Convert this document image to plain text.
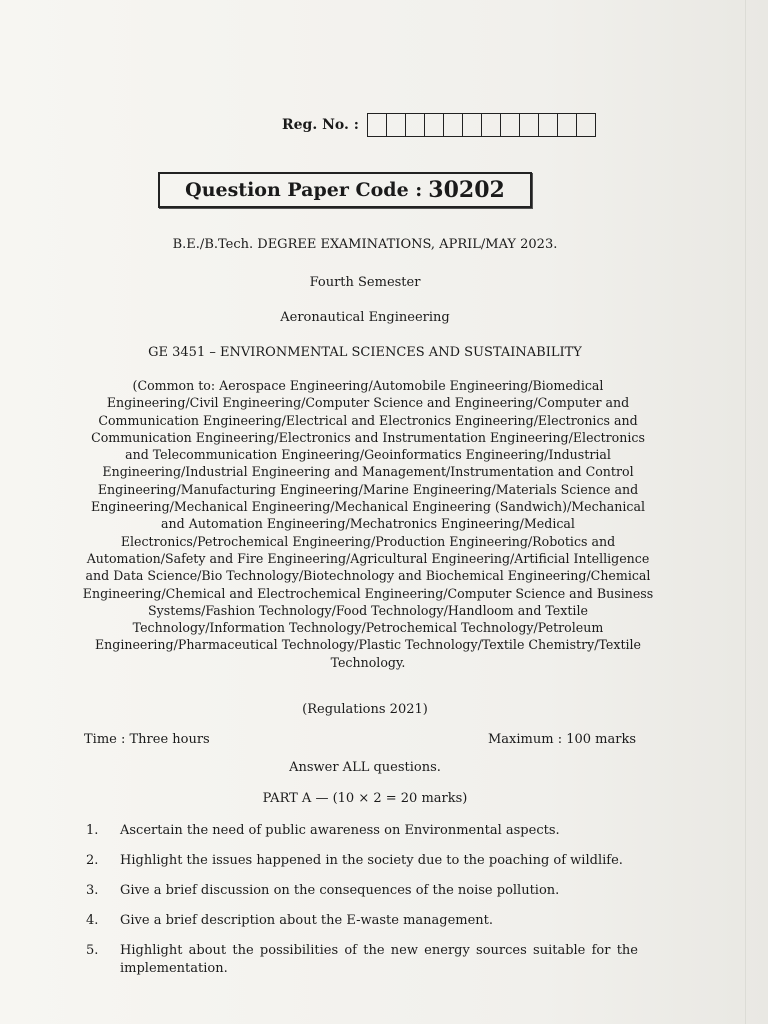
Reg. No. :
Question Paper Code : 30202
B.E./B.Tech. DEGREE EXAMINATIONS, APRIL/MAY 2023.
Fourth Semester
Aeronautical Engineering
GE 3451 – ENVIRONMENTAL SCIENCES AND SUSTAINABILITY
(Common to: Aerospace Engineering/Automobile Engineering/Biomedical Engineering/Civil Engineering/Computer Science and Engineering/Computer and Communication Engineering/Electrical and Electronics Engineering/Electronics and Communication Engineering/Electronics and Instrumentation Engineering/Electronics and Telecommunication Engineering/Geoinformatics Engineering/Industrial Engineering/Industrial Engineering and Management/Instrumentation and Control Engineering/Manufacturing Engineering/Marine Engineering/Materials Science and Engineering/Mechanical Engineering/Mechanical Engineering (Sandwich)/Mechanical and Automation Engineering/Mechatronics Engineering/Medical Electronics/Petrochemical Engineering/Production Engineering/Robotics and Automation/Safety and Fire Engineering/Agricultural Engineering/Artificial Intelligence and Data Science/Bio Technology/Biotechnology and Biochemical Engineering/Chemical Engineering/Chemical and Electrochemical Engineering/Computer Science and Business Systems/Fashion Technology/Food Technology/Handloom and Textile Technology/Information Technology/Petrochemical Technology/Petroleum Engineering/Pharmaceutical Technology/Plastic Technology/Textile Chemistry/Textile Technology.
(Regulations 2021)
Time : Three hours	Maximum : 100 marks
Answer ALL questions.
PART A — (10 × 2 = 20 marks)
1.	Ascertain the need of public awareness on Environmental aspects.
2.	Highlight the issues happened in the society due to the poaching of wildlife.
3.	Give a brief discussion on the consequences of the noise pollution.
4.	Give a brief description about the E-waste management.
5.	Highlight about the possibilities of the new energy sources suitable for the implementation.
